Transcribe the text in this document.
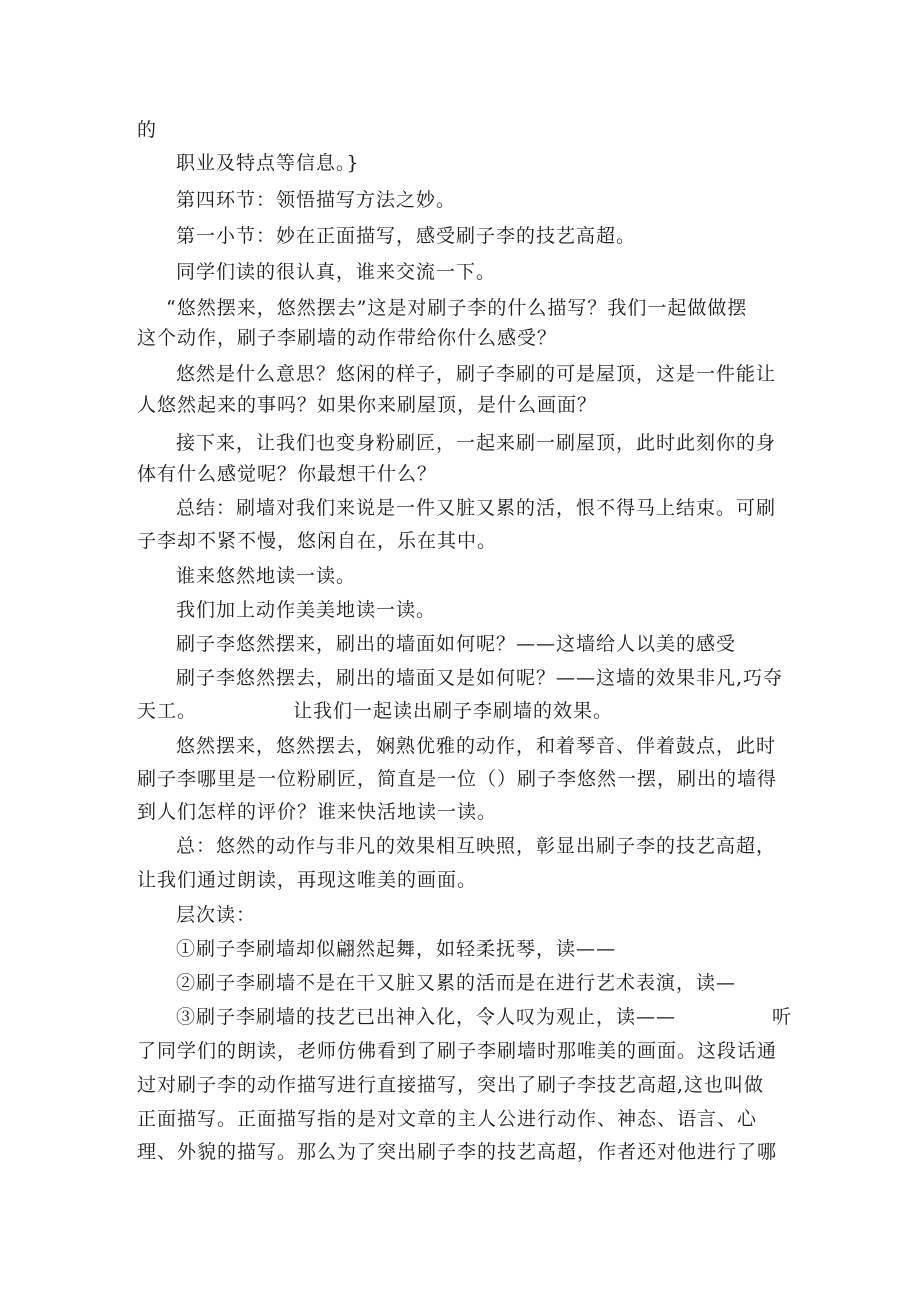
的
职业及特点等信息。}
第四环节：领悟描写方法之妙。
第一小节：妙在正面描写，感受刷子李的技艺高超。
同学们读的很认真，谁来交流一下。
“悠然摆来，悠然摆去”这是对刷子李的什么描写？我们一起做做摆
这个动作，刷子李刷墙的动作带给你什么感受？
悠然是什么意思？悠闲的样子，刷子李刷的可是屋顶，这是一件能让
人悠然起来的事吗？如果你来刷屋顶，是什么画面？
接下来，让我们也变身粉刷匠，一起来刷一刷屋顶，此时此刻你的身
体有什么感觉呢？你最想干什么？
总结：刷墙对我们来说是一件又脏又累的活，恨不得马上结束。可刷
子李却不紧不慢，悠闲自在，乐在其中。
谁来悠然地读一读。
我们加上动作美美地读一读。
刷子李悠然摆来，刷出的墙面如何呢？——这墙给人以美的感受
刷子李悠然摆去，刷出的墙面又是如何呢？——这墙的效果非凡,巧夺
天工。	让我们一起读出刷子李刷墙的效果。
悠然摆来，悠然摆去，娴熟优雅的动作，和着琴音、伴着鼓点，此时
刷子李哪里是一位粉刷匠，简直是一位（）刷子李悠然一摆，刷出的墙得
到人们怎样的评价？谁来快活地读一读。
总：悠然的动作与非凡的效果相互映照，彰显出刷子李的技艺高超，
让我们通过朗读，再现这唯美的画面。
层次读：
①刷子李刷墙却似翩然起舞，如轻柔抚琴，读——
②刷子李刷墙不是在干又脏又累的活而是在进行艺术表演，读—
③刷子李刷墙的技艺已出神入化，令人叹为观止，读——	听
了同学们的朗读，老师仿佛看到了刷子李刷墙时那唯美的画面。这段话通
过对刷子李的动作描写进行直接描写，突出了刷子李技艺高超,这也叫做
正面描写。正面描写指的是对文章的主人公进行动作、神态、语言、心
理、外貌的描写。那么为了突出刷子李的技艺高超，作者还对他进行了哪
